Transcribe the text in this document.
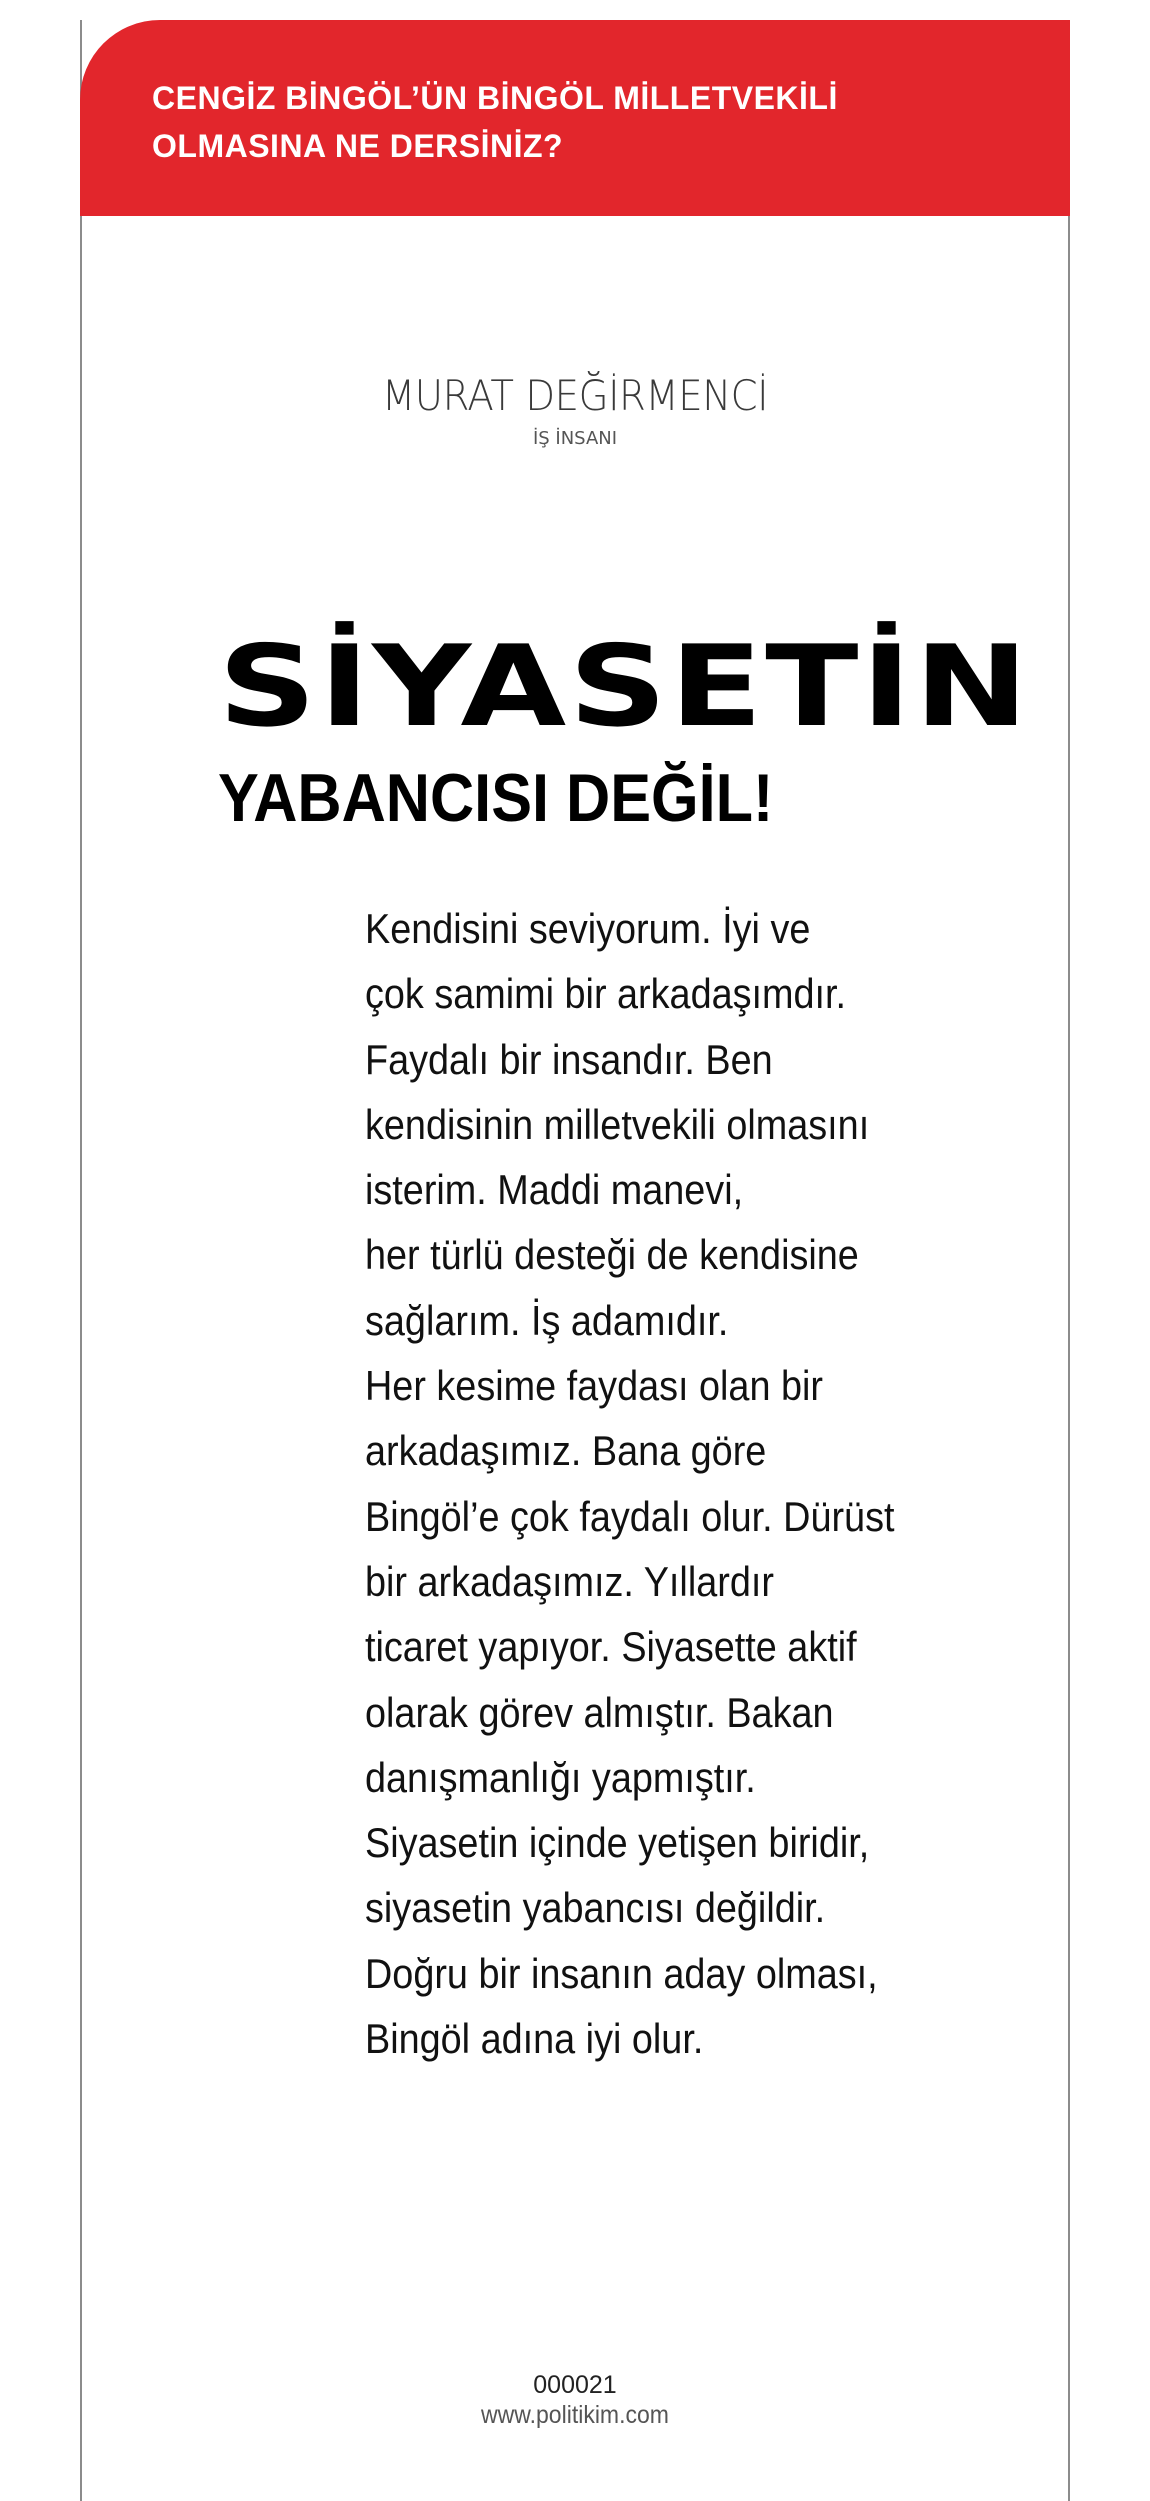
CENGİZ BİNGÖL’ÜN BİNGÖL MİLLETVEKİLİ OLMASINA NE DERSİNİZ?

MURAT DEĞİRMENCİ
İŞ İNSANI
SİYASETİN
YABANCISI DEĞİL!

Kendisini seviyorum. İyi ve
çok samimi bir arkadaşımdır.
Faydalı bir insandır. Ben
kendisinin milletvekili olmasını
isterim. Maddi manevi,
her türlü desteği de kendisine
sağlarım. İş adamıdır.
Her kesime faydası olan bir
arkadaşımız. Bana göre
Bingöl’e çok faydalı olur. Dürüst
bir arkadaşımız. Yıllardır
ticaret yapıyor. Siyasette aktif
olarak görev almıştır. Bakan
danışmanlığı yapmıştır.
Siyasetin içinde yetişen biridir,
siyasetin yabancısı değildir.
Doğru bir insanın aday olması,
Bingöl adına iyi olur.

000021
www.politikim.com
